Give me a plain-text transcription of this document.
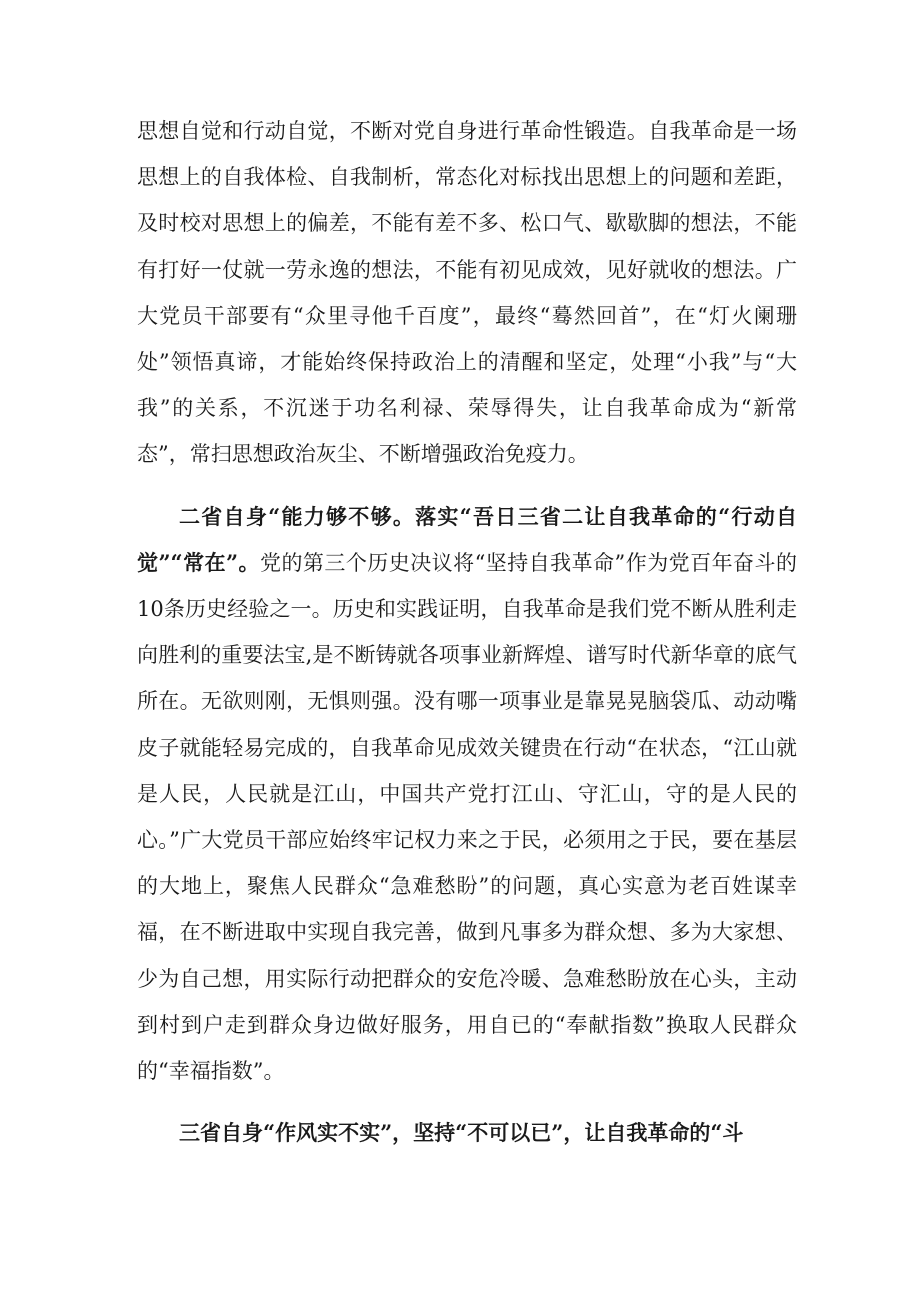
思想自觉和行动自觉，不断对党自身进行革命性锻造。自我革命是一场思想上的自我体检、自我制析，常态化对标找出思想上的问题和差距，及时校对思想上的偏差，不能有差不多、松口气、歇歇脚的想法，不能有打好一仗就一劳永逸的想法，不能有初见成效，见好就收的想法。广大党员干部要有“众里寻他千百度”，最终“蓦然回首”，在“灯火阑珊处”领悟真谛，才能始终保持政治上的清醒和坚定，处理“小我”与“大我”的关系，不沉迷于功名利禄、荣辱得失，让自我革命成为“新常态”，常扫思想政治灰尘、不断增强政治免疫力。

二省自身“能力够不够。落实“吾日三省二让自我革命的“行动自觉”“常在”。党的第三个历史决议将“坚持自我革命”作为党百年奋斗的10条历史经验之一。历史和实践证明，自我革命是我们党不断从胜利走向胜利的重要法宝,是不断铸就各项事业新辉煌、谱写时代新华章的底气所在。无欲则刚，无惧则强。没有哪一项事业是靠晃晃脑袋瓜、动动嘴皮子就能轻易完成的，自我革命见成效关键贵在行动“在状态，“江山就是人民，人民就是江山，中国共产党打江山、守汇山，守的是人民的心。”广大党员干部应始终牢记权力来之于民，必须用之于民，要在基层的大地上，聚焦人民群众“急难愁盼”的问题，真心实意为老百姓谋幸福，在不断进取中实现自我完善，做到凡事多为群众想、多为大家想、少为自己想，用实际行动把群众的安危冷暖、急难愁盼放在心头，主动到村到户走到群众身边做好服务，用自已的“奉献指数”换取人民群众的“幸福指数”。

三省自身“作风实不实”，坚持“不可以已”，让自我革命的“斗
